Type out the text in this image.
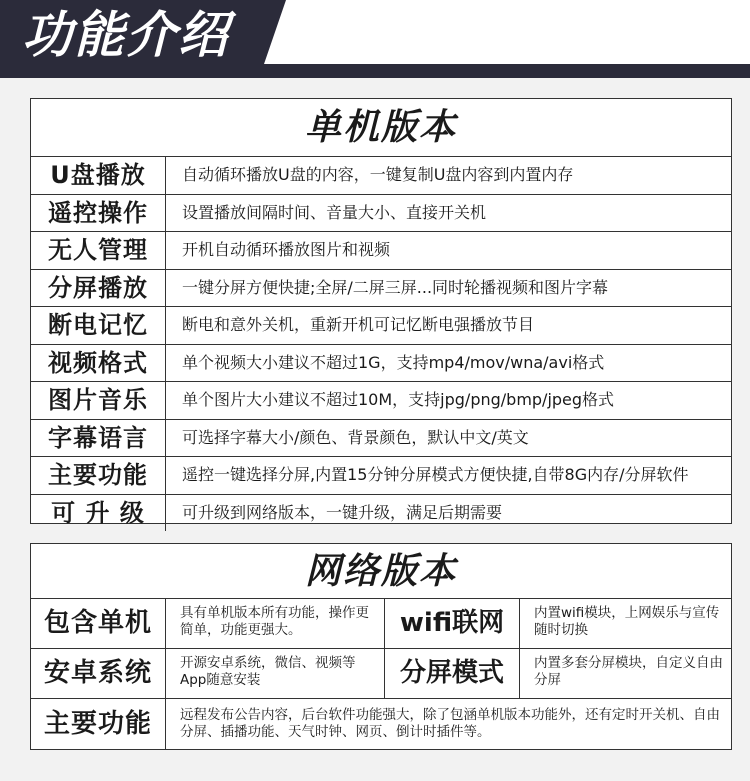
功能介绍
单机版本
U盘播放	自动循环播放U盘的内容，一键复制U盘内容到内置内存
遥控操作	设置播放间隔时间、音量大小、直接开关机
无人管理	开机自动循环播放图片和视频
分屏播放	一键分屏方便快捷;全屏/二屏三屏...同时轮播视频和图片字幕
断电记忆	断电和意外关机，重新开机可记忆断电强播放节目
视频格式	单个视频大小建议不超过1G，支持mp4/mov/wna/avi格式
图片音乐	单个图片大小建议不超过10M，支持jpg/png/bmp/jpeg格式
字幕语言	可选择字幕大小/颜色、背景颜色，默认中文/英文
主要功能	遥控一键选择分屏,内置15分钟分屏模式方便快捷,自带8G内存/分屏软件
可 升 级	可升级到网络版本，一键升级，满足后期需要
网络版本
包含单机	具有单机版本所有功能，操作更简单，功能更强大。	wifi联网	内置wifi模块，上网娱乐与宣传随时切换
安卓系统	开源安卓系统，微信、视频等App随意安装	分屏模式	内置多套分屏模块，自定义自由分屏
主要功能	远程发布公告内容，后台软件功能强大，除了包涵单机版本功能外，还有定时开关机、自由分屏、插播功能、天气时钟、网页、倒计时插件等。
